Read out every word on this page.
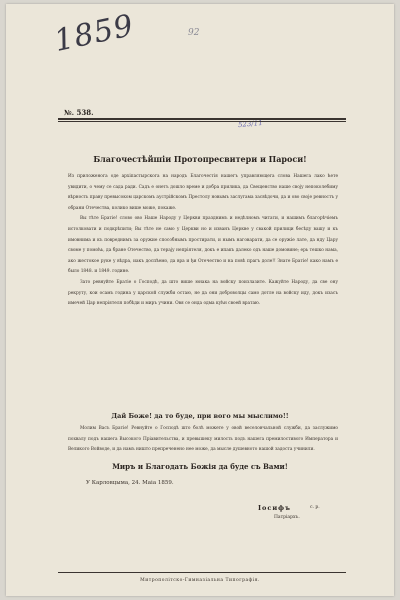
1859	92
523/11
№. 538.
Благочестѣйшiи Протопресвитери и Пароси!

Из приложенога оде архiпастырскога на народъ Благочестiя нашегъ управляющега слова Нашега лако ћете увидити, о чему се сада ради. Садъ е онетъ дошло време и добра прилика, да Свещенство наше своју непоколебиму вѣрность праву превысоком царскомъ аустрiйскомъ Престолу новымъ заслугама засвѣдочи, да и ово своје ревностъ у обрани Отечества, колико више може, покаже.

Вы тѣте Братiе! слово ово Наше Народу у Церкви празднимъ и недѣлномъ читати, и нашимъ благорѣчiемъ истолковати и подкрѣпити; Вы тѣте не само у Церкви но и изванъ Церкве у свакой прилици бесѣду вашу и къ имовнима и къ повреднимъ за оружиe способнымъ простирати, и нымъ наговарати, да се оружiе латe, да нду Цару своме у помоћь, да бране Отечество, да терају непрiятеля, докъ е ипакъ далеко одъ наше домовине; ерь тешко нама, ако жестокое руке у вѣдра, иакъ доспѣемо, да вра и ђи Отечество и на повѣ прагъ доле!! Знате Братiе! како намъ е было 1848. и 1849. године.

Зато ревнуйте Братiе о Господѣ, да што више юнака на войску поизлазите. Кажуйте Народу, да све ону рекруту, кои осамъ година у царской служби остаю, не да они доброволцы само дотле на войску иду, докъ изасъ имечей Цар непрiятеля побѣди и миръ учини. Овя се онда одма кућн своей вратаю.

Дай Боже! да то буде, при вого мы мыслимо!!

Молим Васъ Братiе! Ревнуйте о Господѣ што болѣ можете у овой веселовчальной служби, да заслужимо похвалу подъ нашега Высокого Прiавительства, и превышеку милость подъ нашега премилостивого Императора и Великого Войводе, и да намъ ништо препреченено нее може, да мысле душевното нашой задоста учинили.

Миръ и Благодать Божiя да буде съ Вами!
У Карловцыма, 24. Маiа 1859.
Iосифъ	с. р.
Патрiархъ.
Митрополiтско-Гимназiальна Типографiя.
